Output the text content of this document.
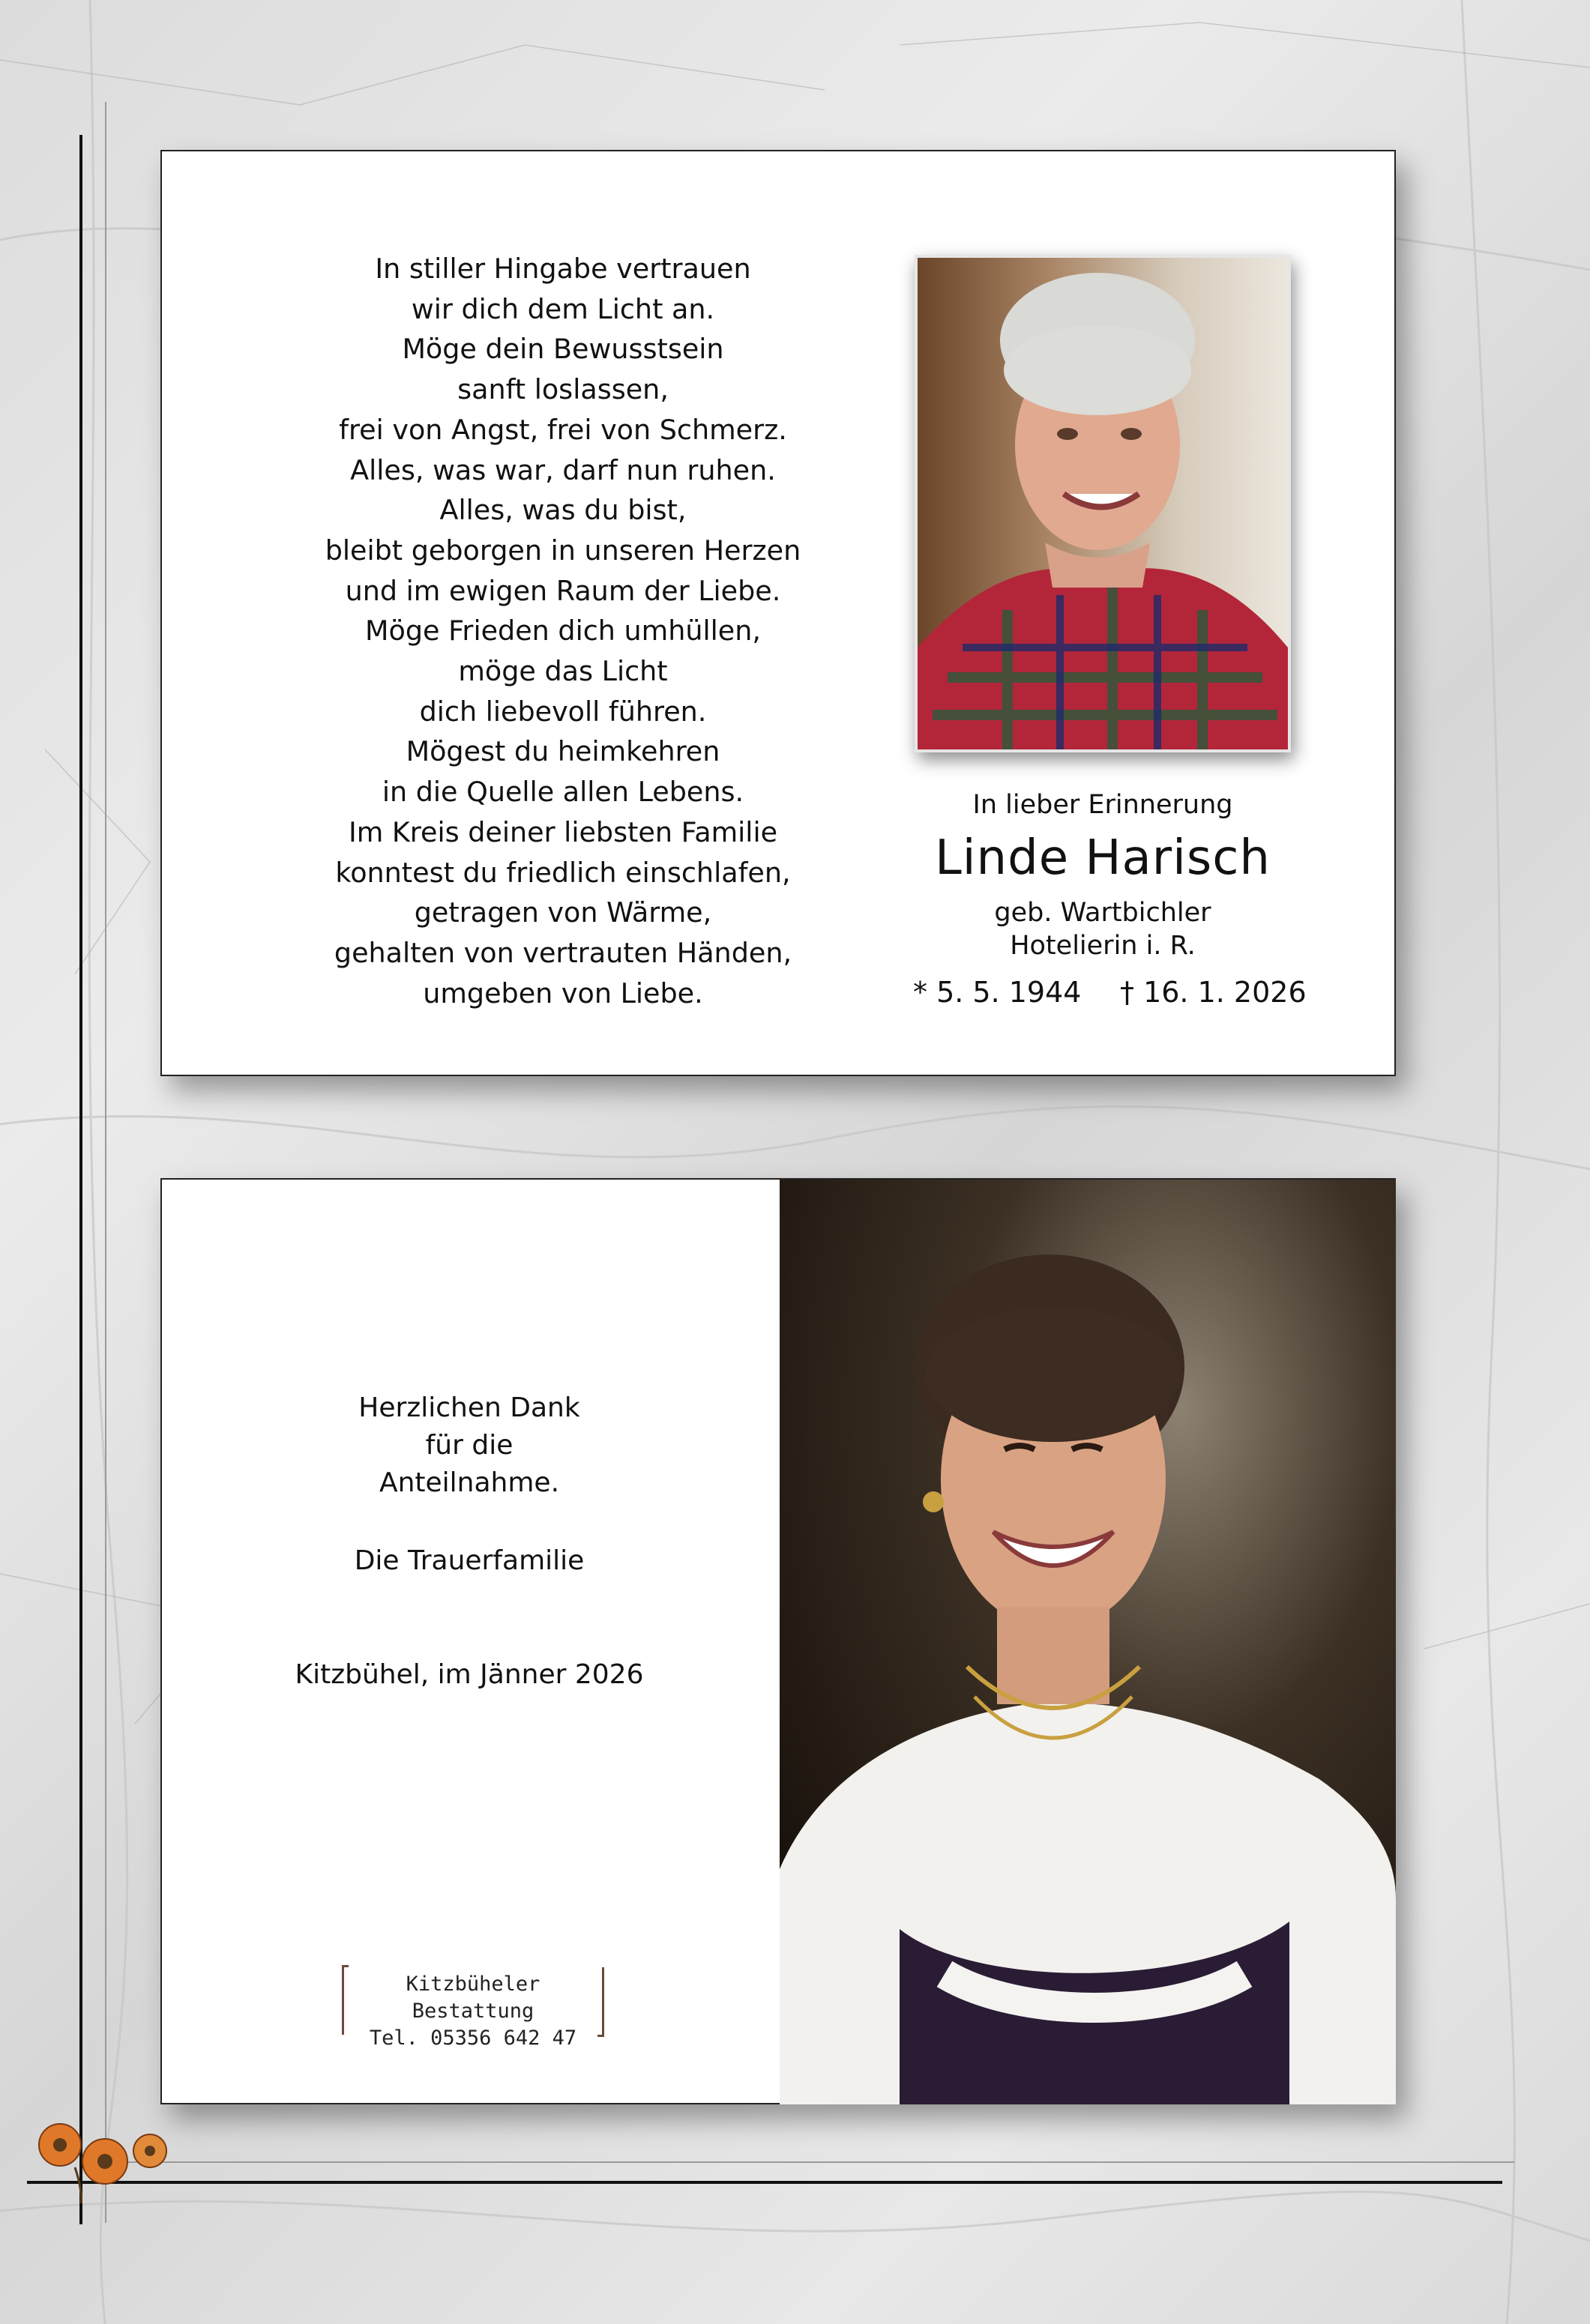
In stiller Hingabe vertrauen
wir dich dem Licht an.
Möge dein Bewusstsein
sanft loslassen,
frei von Angst, frei von Schmerz.
Alles, was war, darf nun ruhen.
Alles, was du bist,
bleibt geborgen in unseren Herzen
und im ewigen Raum der Liebe.
Möge Frieden dich umhüllen,
möge das Licht
dich liebevoll führen.
Mögest du heimkehren
in die Quelle allen Lebens.
Im Kreis deiner liebsten Familie
konntest du friedlich einschlafen,
getragen von Wärme,
gehalten von vertrauten Händen,
umgeben von Liebe.
In lieber Erinnerung
Linde Harisch
geb. Wartbichler
Hotelierin i. R.
* 5. 5. 1944 † 16. 1. 2026
Herzlichen Dank
für die
Anteilnahme.
Die Trauerfamilie
Kitzbühel, im Jänner 2026
Kitzbüheler Bestattung
Tel. 05356 642 47
